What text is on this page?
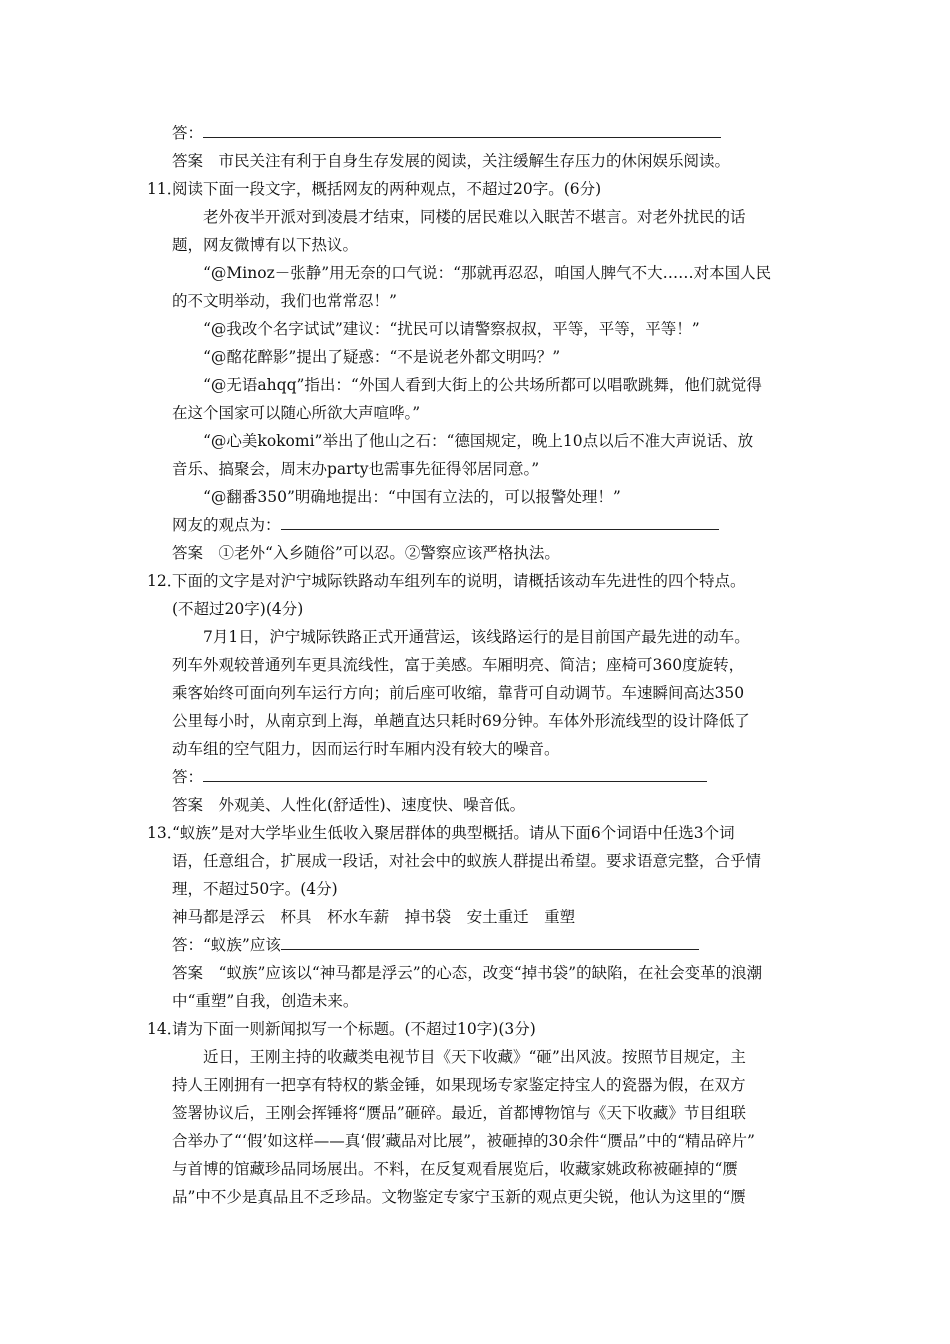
答：
答案　 市民关注有利于自身生存发展的阅读，关注缓解生存压力的休闲娱乐阅读。
11．
阅读下面一段文字，概括网友的两种观点，不超过20字。(6分)
老外夜半开派对到凌晨才结束，同楼的居民难以入眠苦不堪言。对老外扰民的话
题，网友微博有以下热议。
“@Minoz－张静”用无奈的口气说：“那就再忍忍，咱国人脾气不大……对本国人民
的不文明举动，我们也常常忍！”
“@我改个名字试试”建议：“扰民可以请警察叔叔，平等，平等，平等！”
“@酩花醉影”提出了疑惑：“不是说老外都文明吗？”
“@无语ahqq”指出：“外国人看到大街上的公共场所都可以唱歌跳舞，他们就觉得
在这个国家可以随心所欲大声喧哗。”
“@心美kokomi”举出了他山之石：“德国规定，晚上10点以后不准大声说话、放
音乐、搞聚会，周末办party也需事先征得邻居同意。”
“@翻番350”明确地提出：“中国有立法的，可以报警处理！”
网友的观点为：
答案　 ①老外“入乡随俗”可以忍。②警察应该严格执法。
12．
下面的文字是对沪宁城际铁路动车组列车的说明，请概括该动车先进性的四个特点。
(不超过20字)(4分)
7月1日，沪宁城际铁路正式开通营运，该线路运行的是目前国产最先进的动车。
列车外观较普通列车更具流线性，富于美感。车厢明亮、简洁；座椅可360度旋转，
乘客始终可面向列车运行方向；前后座可收缩，靠背可自动调节。车速瞬间高达350
公里每小时，从南京到上海，单趟直达只耗时69分钟。车体外形流线型的设计降低了
动车组的空气阻力，因而运行时车厢内没有较大的噪音。
答：
答案　 外观美、人性化(舒适性)、速度快、噪音低。
13．
“蚁族”是对大学毕业生低收入聚居群体的典型概括。请从下面6个词语中任选3个词
语，任意组合，扩展成一段话，对社会中的蚁族人群提出希望。要求语意完整，合乎情
理，不超过50字。(4分)
神马都是浮云　 杯具　 杯水车薪　 掉书袋　 安土重迁　 重塑
答：“蚁族”应该
答案　 “蚁族”应该以“神马都是浮云”的心态，改变“掉书袋”的缺陷，在社会变革的浪潮
中“重塑”自我，创造未来。
14．
请为下面一则新闻拟写一个标题。(不超过10字)(3分)
近日，王刚主持的收藏类电视节目《天下收藏》“砸”出风波。按照节目规定，主
持人王刚拥有一把享有特权的紫金锤，如果现场专家鉴定持宝人的瓷器为假，在双方
签署协议后，王刚会挥锤将“赝品”砸碎。最近，首都博物馆与《天下收藏》节目组联
合举办了“‘假’如这样——真‘假’藏品对比展”，被砸掉的30余件“赝品”中的“精品碎片”
与首博的馆藏珍品同场展出。不料，在反复观看展览后，收藏家姚政称被砸掉的“赝
品”中不少是真品且不乏珍品。文物鉴定专家宁玉新的观点更尖锐，他认为这里的“赝
